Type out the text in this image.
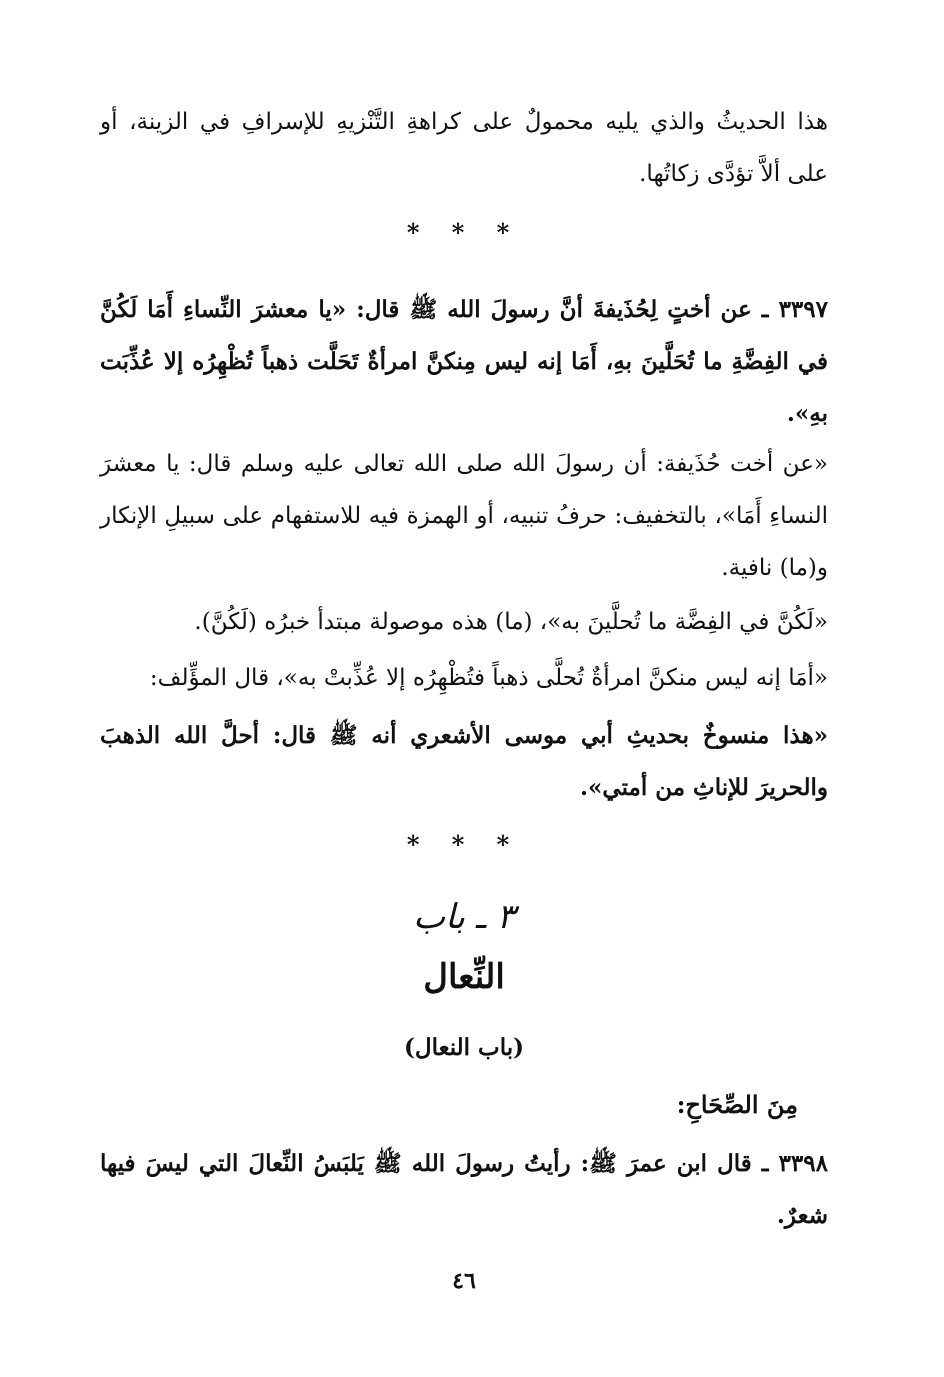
هذا الحديثُ والذي يليه محمولٌ على كراهةِ التَّنْزيهِ للإسرافِ في الزينة، أو على ألاَّ تؤدَّى زكاتُها.

* * *

٣٣٩٧ ـ عن أختٍ لِحُذَيفةَ أنَّ رسولَ الله ﷺ قال: «يا معشرَ النِّساءِ أَمَا لَكُنَّ في الفِضَّةِ ما تُحَلَّينَ بهِ، أَمَا إنه ليس مِنكنَّ امرأةٌ تَحَلَّت ذهباً تُظْهِرُه إلا عُذِّبَت بهِ».

«عن أخت حُذَيفة: أن رسولَ الله صلى الله تعالى عليه وسلم قال: يا معشرَ النساءِ أَمَا»، بالتخفيف: حرفُ تنبيه، أو الهمزة فيه للاستفهام على سبيلِ الإنكار و(ما) نافية.

«لَكُنَّ في الفِضَّة ما تُحلَّينَ به»، (ما) هذه موصولة مبتدأ خبرُه (لَكُنَّ).

«أمَا إنه ليس منكنَّ امرأةٌ تُحلَّى ذهباً فتُظْهِرُه إلا عُذِّبتْ به»، قال المؤِّلف:

«هذا منسوخٌ بحديثِ أبي موسى الأشعري أنه ﷺ قال: أحلَّ الله الذهبَ والحريرَ للإناثِ من أمتي».

* * *
٣ ـ باب
النِّعال
(باب النعال)
مِنَ الصِّحَاحِ:

٣٣٩٨ ـ قال ابن عمرَ ﷺ: رأيتُ رسولَ الله ﷺ يَلبَسُ النِّعالَ التي ليسَ فيها شعرٌ.

٤٦
